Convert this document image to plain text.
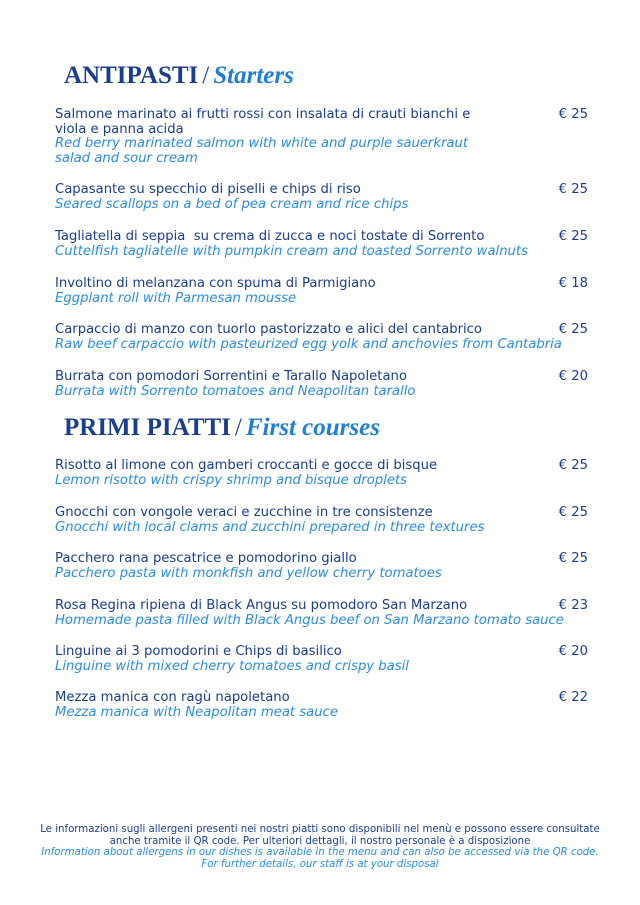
ANTIPASTI / Starters
Salmone marinato ai frutti rossi con insalata di crauti bianchi e viola e panna acida
Red berry marinated salmon with white and purple sauerkraut salad and sour cream
€ 25
Capasante su specchio di piselli e chips di riso
Seared scallops on a bed of pea cream and rice chips
€ 25
Tagliatella di seppia  su crema di zucca e noci tostate di Sorrento
Cuttelfish tagliatelle with pumpkin cream and toasted Sorrento walnuts
€ 25
Involtino di melanzana con spuma di Parmigiano
Eggplant roll with Parmesan mousse
€ 18
Carpaccio di manzo con tuorlo pastorizzato e alici del cantabrico
Raw beef carpaccio with pasteurized egg yolk and anchovies from Cantabria
€ 25
Burrata con pomodori Sorrentini e Tarallo Napoletano
Burrata with Sorrento tomatoes and Neapolitan tarallo
€ 20
PRIMI PIATTI / First courses
Risotto al limone con gamberi croccanti e gocce di bisque
Lemon risotto with crispy shrimp and bisque droplets
€ 25
Gnocchi con vongole veraci e zucchine in tre consistenze
Gnocchi with local clams and zucchini prepared in three textures
€ 25
Pacchero rana pescatrice e pomodorino giallo
Pacchero pasta with monkfish and yellow cherry tomatoes
€ 25
Rosa Regina ripiena di Black Angus su pomodoro San Marzano
Homemade pasta filled with Black Angus beef on San Marzano tomato sauce
€ 23
Linguine ai 3 pomodorini e Chips di basilico
Linguine with mixed cherry tomatoes and crispy basil
€ 20
Mezza manica con ragù napoletano
Mezza manica with Neapolitan meat sauce
€ 22
Le informazioni sugli allergeni presenti nei nostri piatti sono disponibili nel menù e possono essere consultate anche tramite il QR code. Per ulteriori dettagli, il nostro personale è a disposizione
Information about allergens in our dishes is available in the menu and can also be accessed via the QR code. For further details, our staff is at your disposal
